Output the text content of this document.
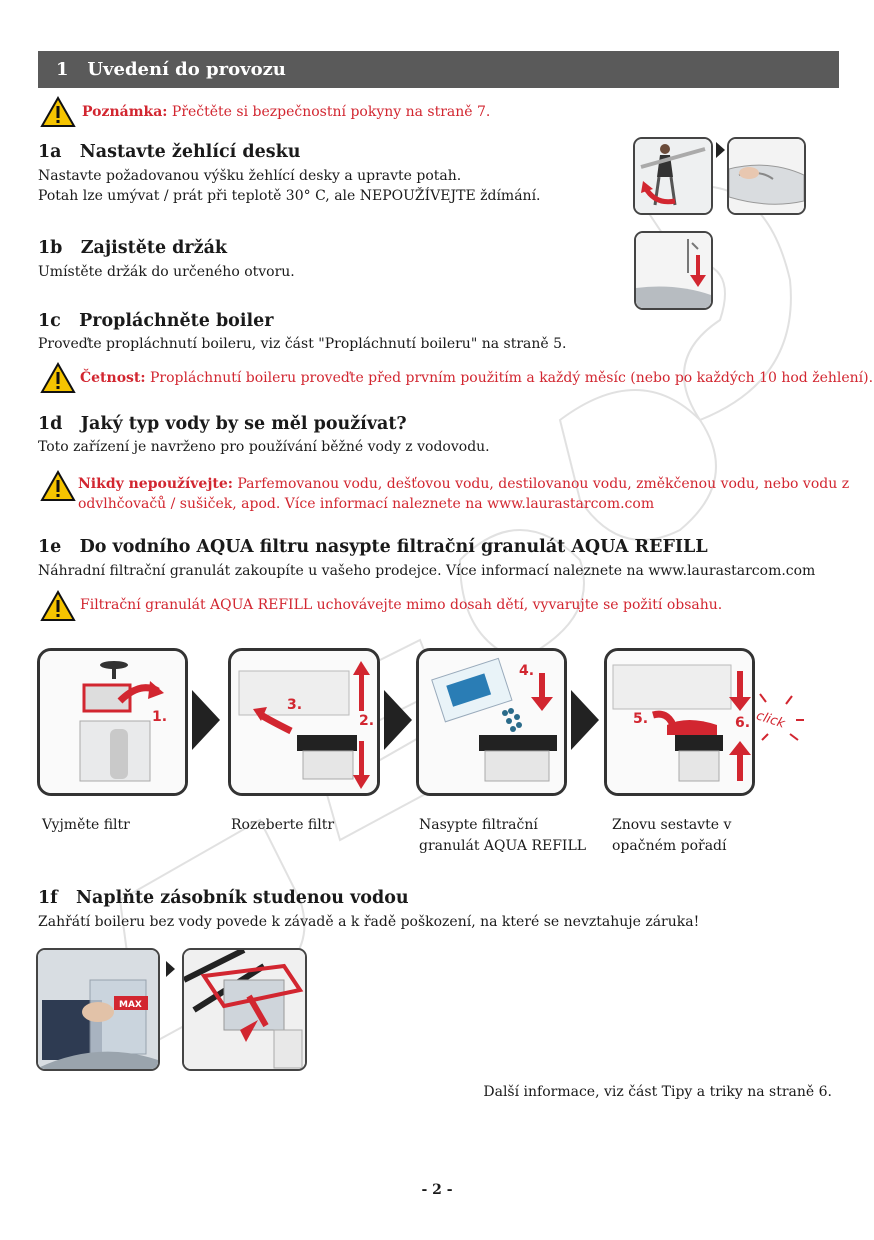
1 Uvedení do provozu
Poznámka: Přečtěte si bezpečnostní pokyny na straně 7.
1a Nastavte žehlící desku
Nastavte požadovanou výšku žehlící desky a upravte potah.
Potah lze umývat / prát při teplotě 30° C, ale NEPOUŽÍVEJTE ždímání.
1b Zajistěte držák
Umístěte držák do určeného otvoru.
1c Propláchněte boiler
Proveďte propláchnutí boileru, viz část "Propláchnutí boileru" na straně 5.
Četnost: Propláchnutí boileru proveďte před prvním použitím a každý měsíc (nebo po každých 10 hod žehlení).
1d Jaký typ vody by se měl používat?
Toto zařízení je navrženo pro používání běžné vody z vodovodu.
Nikdy nepoužívejte: Parfemovanou vodu, dešťovou vodu, destilovanou vodu, změkčenou vodu, nebo vodu z
odvlhčovačů / sušiček, apod. Více informací naleznete na www.laurastarcom.com
1e Do vodního AQUA filtru nasypte filtrační granulát AQUA REFILL
Náhradní filtrační granulát zakoupíte u vašeho prodejce. Více informací naleznete na www.laurastarcom.com
Filtrační granulát AQUA REFILL uchovávejte mimo dosah dětí, vyvarujte se požití obsahu.
1.
3.
2.
4.
5.	6. click
Vyjměte filtr	Rozeberte filtr	Nasypte filtrační
granulát AQUA REFILL
Znovu sestavte v
opačném pořadí
1f Naplňte zásobník studenou vodou
Zahřátí boileru bez vody povede k závadě a k řadě poškození, na které se nevztahuje záruka!
MAX
Další informace, viz část Tipy a triky na straně 6.
- 2 -
